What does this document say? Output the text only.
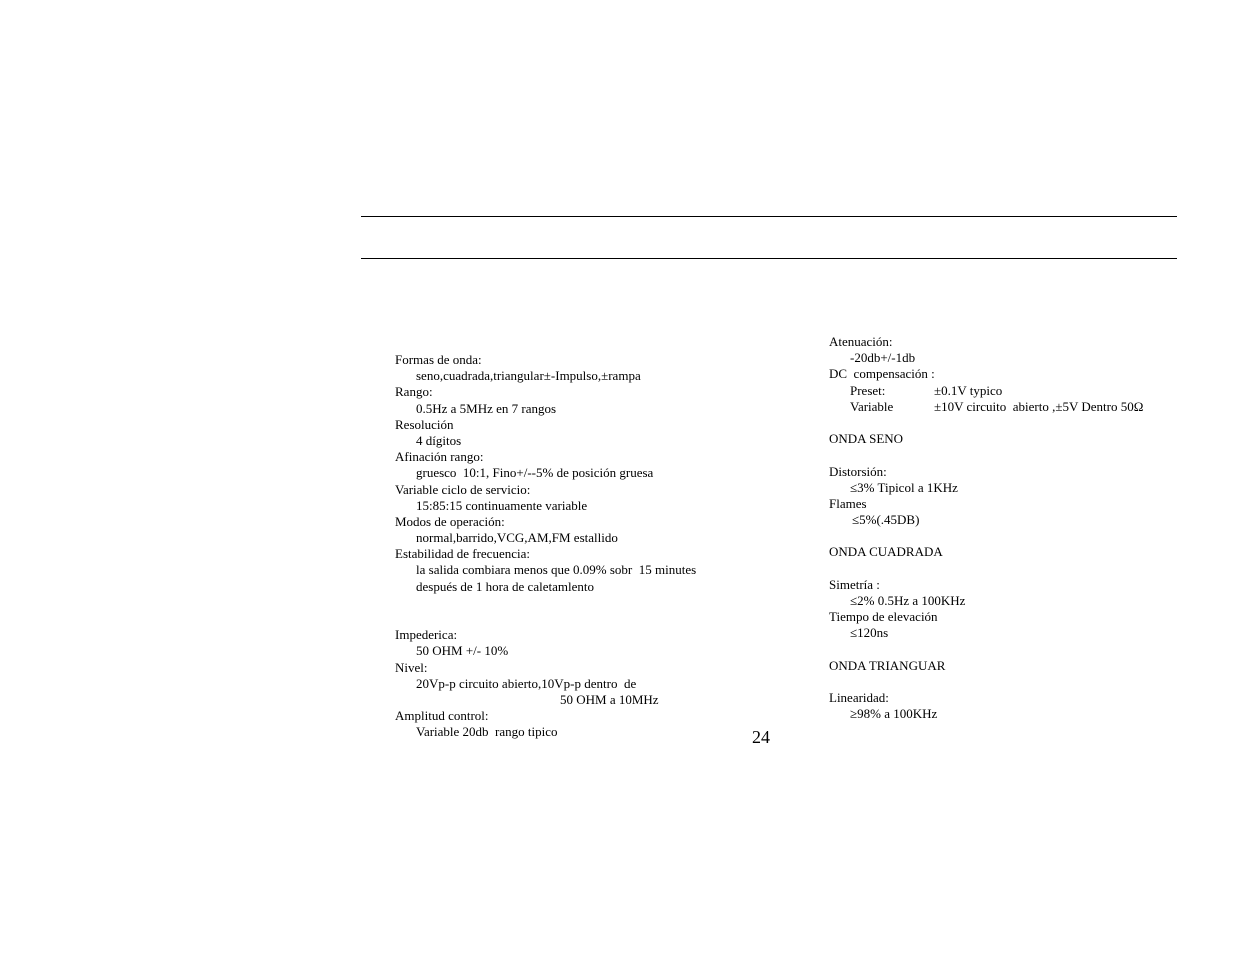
Formas de onda:
seno,cuadrada,triangular±-Impulso,±rampa
Rango:
0.5Hz a 5MHz en 7 rangos
Resolución
4 dígitos
Afinación rango:
gruesco  10:1, Fino+/--5% de posición gruesa
Variable ciclo de servicio:
15:85:15 continuamente variable
Modos de operación:
normal,barrido,VCG,AM,FM estallido
Estabilidad de frecuencia:
la salida combiara menos que 0.09% sobr  15 minutes
después de 1 hora de caletamlento
Impederica:
50 OHM +/- 10%
Nivel:
20Vp-p circuito abierto,10Vp-p dentro  de
50 OHM a 10MHz
Amplitud control:
Variable 20db  rango tipico
Atenuación:
-20db+/-1db
DC  compensación :
Preset:	±0.1V typico
Variable	±10V circuito  abierto ,±5V Dentro 50Ω
ONDA SENO
Distorsión:
≤3% Tipicol a 1KHz
Flames
≤5%(.45DB)
ONDA CUADRADA
Simetría :
≤2% 0.5Hz a 100KHz
Tiempo de elevación
≤120ns
ONDA TRIANGUAR
Linearidad:
≥98% a 100KHz
24
